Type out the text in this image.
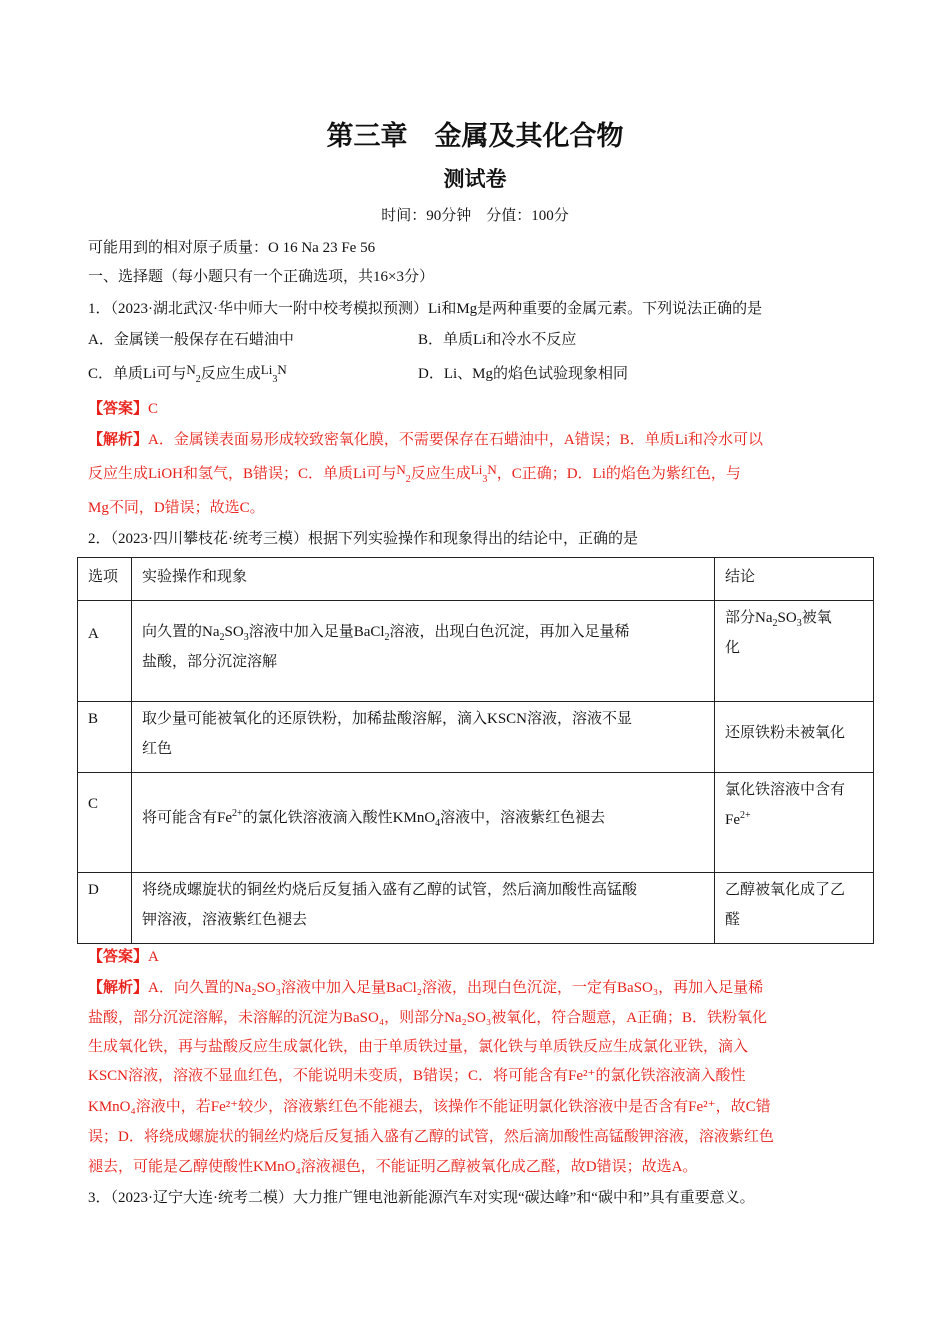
第三章　金属及其化合物
测试卷
时间：90分钟　分值：100分
可能用到的相对原子质量：O 16 Na 23 Fe 56
一、选择题（每小题只有一个正确选项，共16×3分）
1．（2023·湖北武汉·华中师大一附中校考模拟预测）Li和Mg是两种重要的金属元素。下列说法正确的是
A．金属镁一般保存在石蜡油中	B．单质Li和冷水不反应
C．单质Li可与$N_2$反应生成$Li_3N$	D．Li、Mg的焰色试验现象相同
【答案】C
【解析】A．金属镁表面易形成较致密氧化膜，不需要保存在石蜡油中，A错误；B．单质Li和冷水可以
反应生成LiOH和氢气，B错误；C．单质Li可与$N_2$反应生成$Li_3N$，C正确；D．Li的焰色为紫红色，与
Mg不同，D错误；故选C。
2．（2023·四川攀枝花·统考三模）根据下列实验操作和现象得出的结论中，正确的是
选项	实验操作和现象	结论

A	向久置的$Na_2SO_3$溶液中加入足量BaCl$_2$溶液，出现白色沉淀，再加入足量稀
盐酸，部分沉淀溶解	部分$Na_2SO_3$被氧
化

B	取少量可能被氧化的还原铁粉，加稀盐酸溶解，滴入KSCN溶液，溶液不显
红色	还原铁粉未被氧化

C	将可能含有$Fe^{2+}$的氯化铁溶液滴入酸性KMnO$_4$溶液中，溶液紫红色褪去	氯化铁溶液中含有
$Fe^{2+}$

D	将绕成螺旋状的铜丝灼烧后反复插入盛有乙醇的试管，然后滴加酸性高锰酸
钾溶液，溶液紫红色褪去	乙醇被氧化成了乙
醛
【答案】A
【解析】A．向久置的Na₂SO₃溶液中加入足量BaCl₂溶液，出现白色沉淀，一定有BaSO₃，再加入足量稀
盐酸，部分沉淀溶解，未溶解的沉淀为BaSO₄，则部分Na₂SO₃被氧化，符合题意，A正确；B．铁粉氧化
生成氧化铁，再与盐酸反应生成氯化铁，由于单质铁过量，氯化铁与单质铁反应生成氯化亚铁，滴入
KSCN溶液，溶液不显血红色，不能说明未变质，B错误；C．将可能含有Fe²⁺的氯化铁溶液滴入酸性
KMnO₄溶液中，若Fe²⁺较少，溶液紫红色不能褪去，该操作不能证明氯化铁溶液中是否含有Fe²⁺，故C错
误；D．将绕成螺旋状的铜丝灼烧后反复插入盛有乙醇的试管，然后滴加酸性高锰酸钾溶液，溶液紫红色
褪去，可能是乙醇使酸性KMnO₄溶液褪色，不能证明乙醇被氧化成乙醛，故D错误；故选A。
3．（2023·辽宁大连·统考二模）大力推广锂电池新能源汽车对实现“碳达峰”和“碳中和”具有重要意义。
